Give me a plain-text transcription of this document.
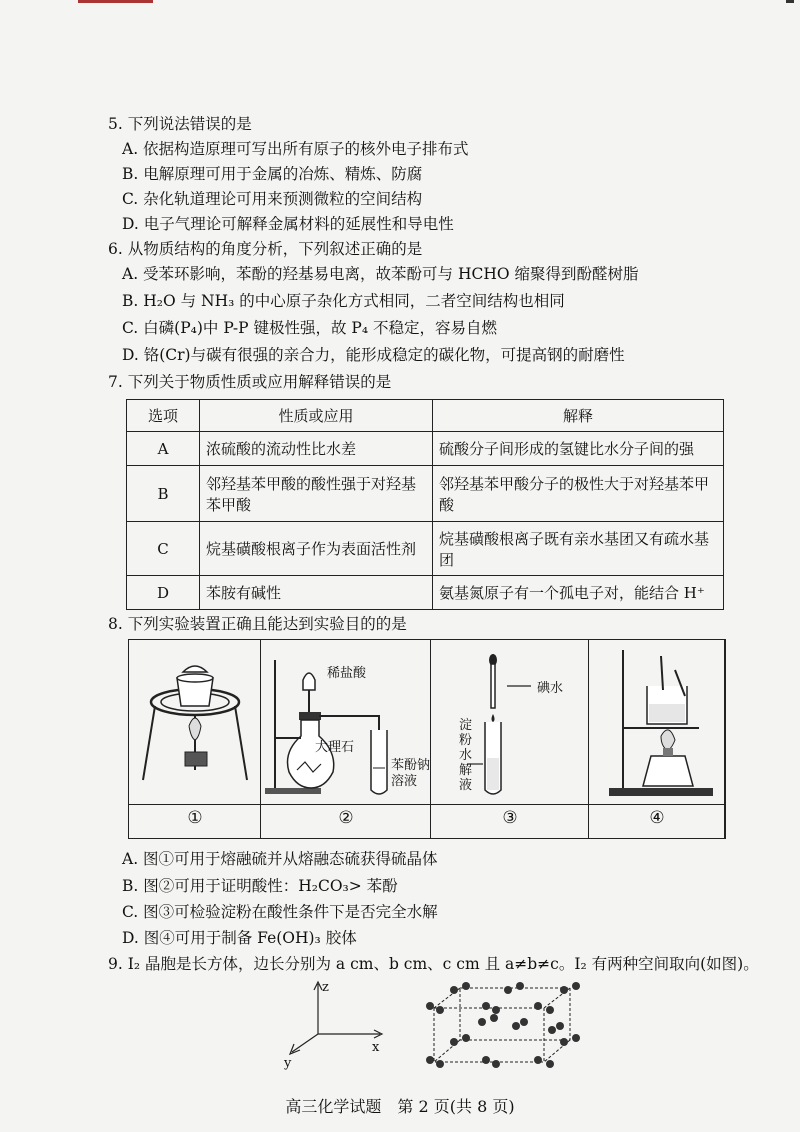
5. 下列说法错误的是
A. 依据构造原理可写出所有原子的核外电子排布式
B. 电解原理可用于金属的冶炼、精炼、防腐
C. 杂化轨道理论可用来预测微粒的空间结构
D. 电子气理论可解释金属材料的延展性和导电性
6. 从物质结构的角度分析，下列叙述正确的是
A. 受苯环影响，苯酚的羟基易电离，故苯酚可与 HCHO 缩聚得到酚醛树脂
B. H₂O 与 NH₃ 的中心原子杂化方式相同，二者空间结构也相同
C. 白磷(P₄)中 P-P 键极性强，故 P₄ 不稳定，容易自燃
D. 铬(Cr)与碳有很强的亲合力，能形成稳定的碳化物，可提高钢的耐磨性
7. 下列关于物质性质或应用解释错误的是
选项	性质或应用	解释
A	浓硫酸的流动性比水差	硫酸分子间形成的氢键比水分子间的强
B	邻羟基苯甲酸的酸性强于对羟基苯甲酸	邻羟基苯甲酸分子的极性大于对羟基苯甲酸
C	烷基磺酸根离子作为表面活性剂	烷基磺酸根离子既有亲水基团又有疏水基团
D	苯胺有碱性	氨基氮原子有一个孤电子对，能结合 H⁺
8. 下列实验装置正确且能达到实验目的的是
稀盐酸
大理石
苯酚钠溶液
碘水
淀粉水解液
①	②	③	④
A. 图①可用于熔融硫并从熔融态硫获得硫晶体
B. 图②可用于证明酸性：H₂CO₃> 苯酚
C. 图③可检验淀粉在酸性条件下是否完全水解
D. 图④可用于制备 Fe(OH)₃ 胶体
9. I₂ 晶胞是长方体，边长分别为 a cm、b cm、c cm 且 a≠b≠c。I₂ 有两种空间取向(如图)。
z
x
y
高三化学试题　第 2 页(共 8 页)
